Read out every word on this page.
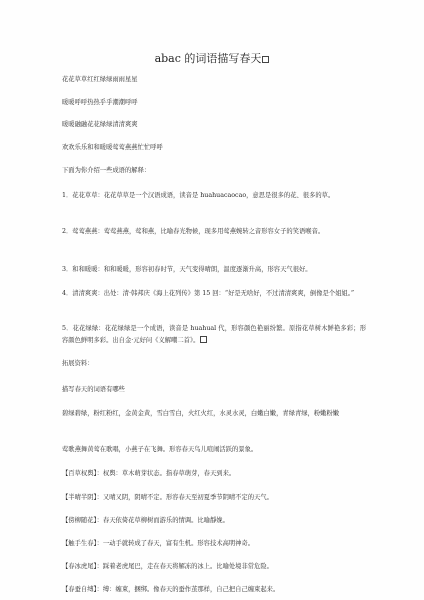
abac 的词语描写春天
花花草草红红绿绿雨雨星星
暖暖呼呼热热乎乎潮潮呼呼
暖暖融融花花绿绿清清爽爽
欢欢乐乐和和暖暖莺莺燕燕忙忙呼呼
下面为你介绍一些成语的解释：
1．花花草草：花花草草是一个汉语成语，读音是 huahuacaocao，意思是很多的花、很多的草。
2．莺莺燕燕：莺莺燕燕，莺和燕，比喻春光物候，现多用莺燕婉转之音形容女子的笑语喉音。
3．和和暖暖：和和暖暖，形容初春时节，天气变得晴朗，温度逐渐升高，形容天气很好。
4．清清爽爽：出处：清·韩邦庆《海上花列传》第 15 回：“好是无啥好，不过清清爽爽，倒像是个姐姐。”
5．花花绿绿：花花绿绿是一个成语，读音是 huahual 代，形容颜色艳丽纷繁。原指花草树木鲜艳多彩；形容颜色鲜明多彩。出自金·元好问《义解嘲二首》。
拓展资料：
描写春天的词语有哪些
碧绿碧绿，粉红粉红，金黄金黄，雪白雪白，火红火红，水灵水灵，白嫩白嫩，青绿青绿，粉嫩粉嫩
莺歌燕舞黄莺在歌唱，小燕子在飞舞。形容春天鸟儿喧闹活跃的景象。
【百草权舆】：权舆：草木萌芽状态。指春草萌芽，春天到来。
【半晴半阴】：又晴又阴，阴晴不定。形容春天至初夏季节阴晴不定的天气。
【傍柳随花】：春天依倚花草柳树而游乐的情调。比喻靜娩。
【触手生春】：一动手就转成了春天，富有生机。形容技术高明神奇。
【春冰虎尾】：踩着老虎尾巴，走在春天将解冻的冰上。比喻处境非常危险。
【春蚕自缚】：缚：缠束，捆绑。像春天的蚕作茧那样，自己把自己缠束起来。
